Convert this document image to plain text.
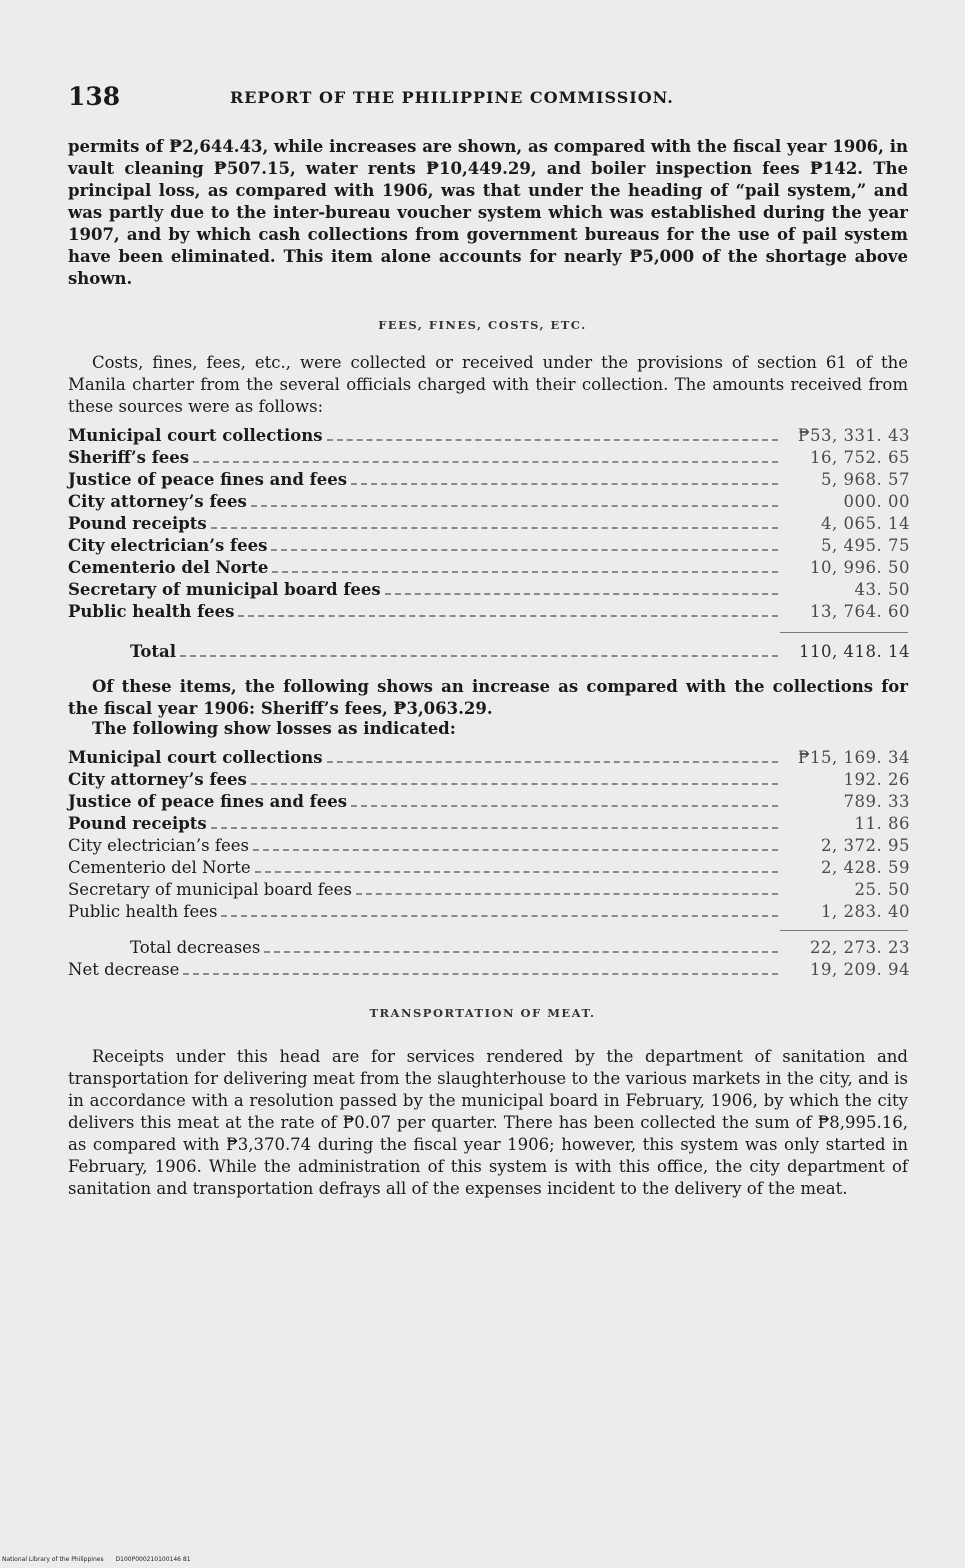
138	REPORT OF THE PHILIPPINE COMMISSION.

permits of ₱2,644.43, while increases are shown, as compared with the fiscal year 1906, in vault cleaning ₱507.15, water rents ₱10,449.29, and boiler inspection fees ₱142. The principal loss, as compared with 1906, was that under the heading of “pail system,” and was partly due to the inter-bureau voucher system which was established during the year 1907, and by which cash collections from government bureaus for the use of pail system have been eliminated. This item alone accounts for nearly ₱5,000 of the shortage above shown.

FEES, FINES, COSTS, ETC.

Costs, fines, fees, etc., were collected or received under the provisions of section 61 of the Manila charter from the several officials charged with their collection. The amounts received from these sources were as follows:

Municipal court collections	₱53, 331. 43
Sheriff’s fees	16, 752. 65
Justice of peace fines and fees	5, 968. 57
City attorney’s fees	000. 00
Pound receipts	4, 065. 14
City electrician’s fees	5, 495. 75
Cementerio del Norte	10, 996. 50
Secretary of municipal board fees	43. 50
Public health fees	13, 764. 60
Total	110, 418. 14

Of these items, the following shows an increase as compared with the collections for the fiscal year 1906: Sheriff’s fees, ₱3,063.29.

The following show losses as indicated:

Municipal court collections	₱15, 169. 34
City attorney’s fees	192. 26
Justice of peace fines and fees	789. 33
Pound receipts	11. 86
City electrician’s fees	2, 372. 95
Cementerio del Norte	2, 428. 59
Secretary of municipal board fees	25. 50
Public health fees	1, 283. 40
Total decreases	22, 273. 23
Net decrease	19, 209. 94
TRANSPORTATION OF MEAT.

Receipts under this head are for services rendered by the department of sanitation and transportation for delivering meat from the slaughterhouse to the various markets in the city, and is in accordance with a resolution passed by the municipal board in February, 1906, by which the city delivers this meat at the rate of ₱0.07 per quarter. There has been collected the sum of ₱8,995.16, as compared with ₱3,370.74 during the fiscal year 1906; however, this system was only started in February, 1906. While the administration of this system is with this office, the city department of sanitation and transportation defrays all of the expenses incident to the delivery of the meat.

National Library of the Philippines D100P000210100146 81
